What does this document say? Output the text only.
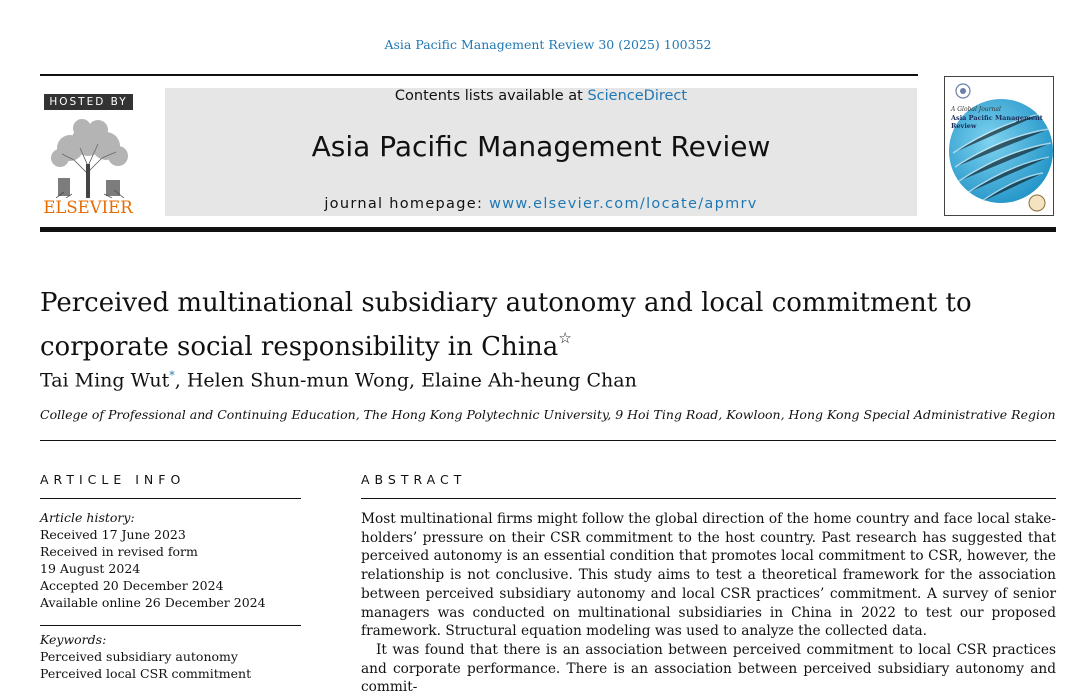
Asia Pacific Management Review 30 (2025) 100352
HOSTED BY
ELSEVIER
Contents lists available at ScienceDirect
Asia Pacific Management Review
journal homepage: www.elsevier.com/locate/apmrv
A Global Journal
Asia Pacific Management Review
Perceived multinational subsidiary autonomy and local commitment to corporate social responsibility in China☆
Tai Ming Wut*, Helen Shun-mun Wong, Elaine Ah-heung Chan
College of Professional and Continuing Education, The Hong Kong Polytechnic University, 9 Hoi Ting Road, Kowloon, Hong Kong Special Administrative Region
ARTICLE INFO
Article history:
Received 17 June 2023
Received in revised form
19 August 2024
Accepted 20 December 2024
Available online 26 December 2024
Keywords:
Perceived subsidiary autonomy
Perceived local CSR commitment
ABSTRACT

Most multinational firms might follow the global direction of the home country and face local stake-holders’ pressure on their CSR commitment to the host country. Past research has suggested that perceived autonomy is an essential condition that promotes local commitment to CSR, however, the relationship is not conclusive. This study aims to test a theoretical framework for the association between perceived subsidiary autonomy and local CSR practices’ commitment. A survey of senior managers was conducted on multinational subsidiaries in China in 2022 to test our proposed framework. Structural equation modeling was used to analyze the collected data.

It was found that there is an association between perceived commitment to local CSR practices and corporate performance. There is an association between perceived subsidiary autonomy and commit-
